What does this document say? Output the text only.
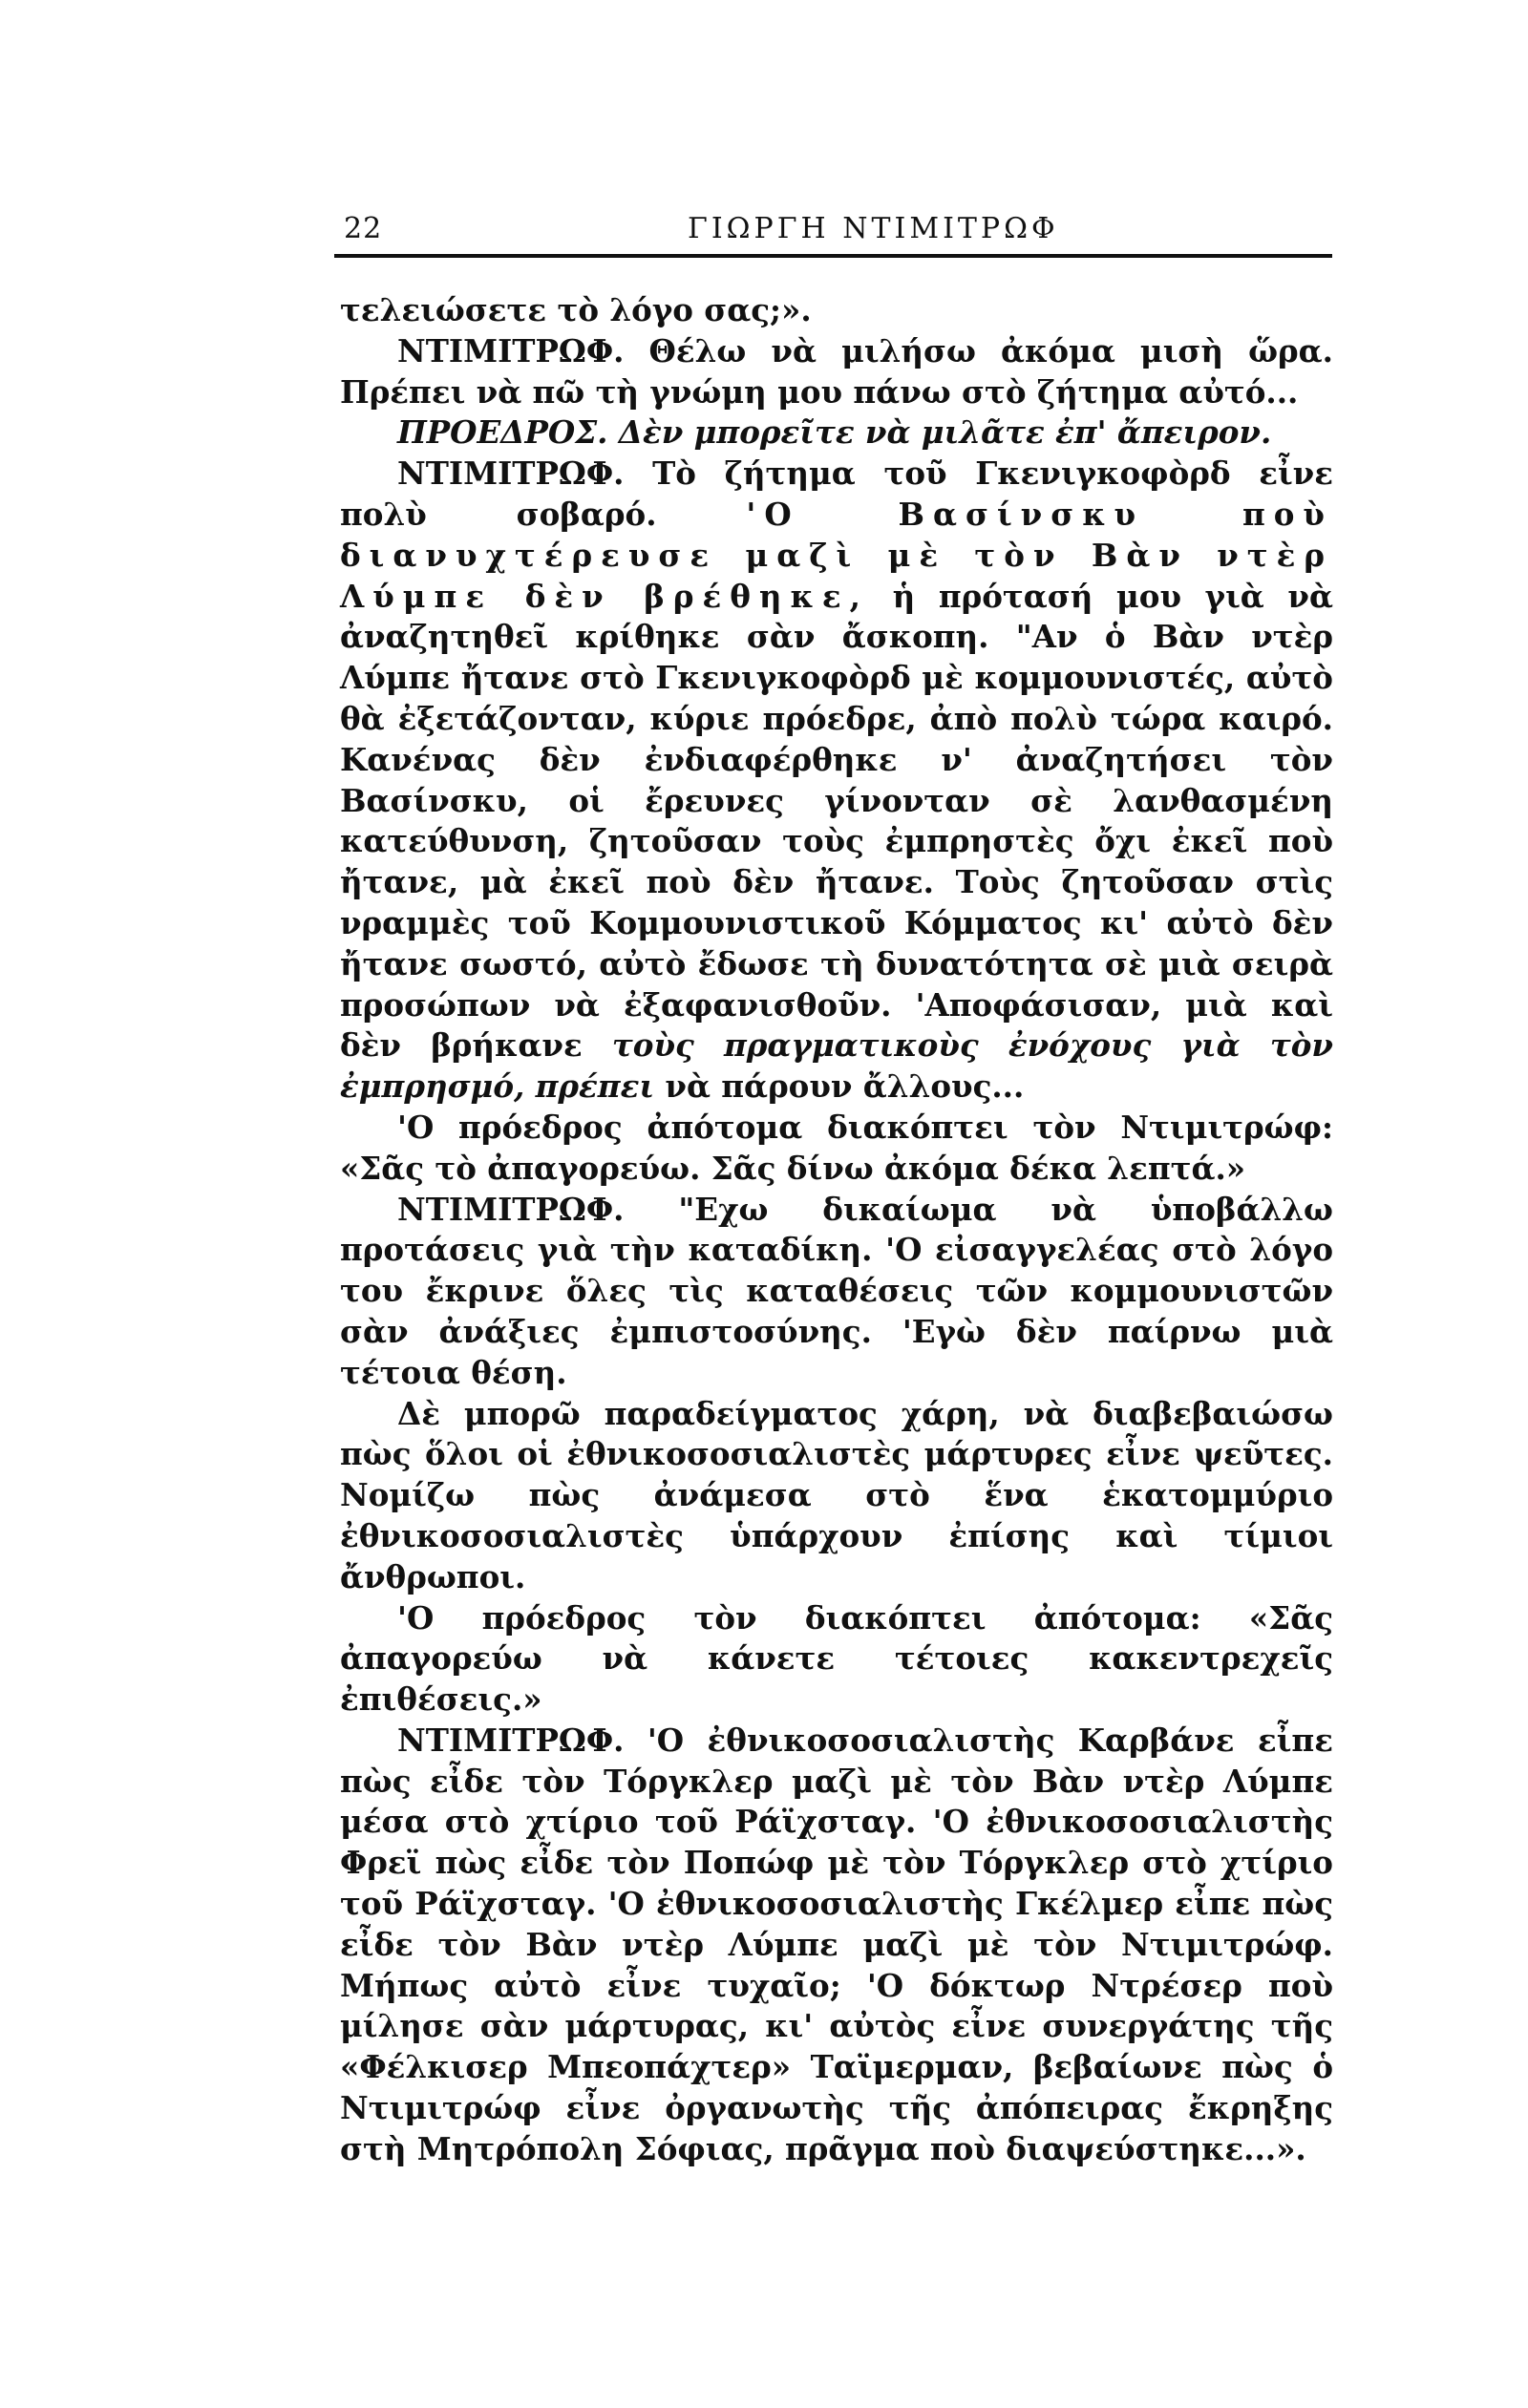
22	ΓΙΩΡΓΗ ΝΤΙΜΙΤΡΩΦ

τελειώσετε τὸ λόγο σας;».

ΝΤΙΜΙΤΡΩΦ. Θέλω νὰ μιλήσω ἀκόμα μισὴ ὥρα. Πρέπει νὰ πῶ τὴ γνώμη μου πάνω στὸ ζήτημα αὐτό...

ΠΡΟΕΔΡΟΣ. Δὲν μπορεῖτε νὰ μιλᾶτε ἐπ' ἄπειρον.

ΝΤΙΜΙΤΡΩΦ. Τὸ ζήτημα τοῦ Γκενιγκοφὸρδ εἶνε πολὺ σοβαρό.	'Ο Βασίνσκυ ποὺ διανυχτέρευσε μαζὶ μὲ τὸν Βὰν ντὲρ Λύμπε δὲν βρέθηκε, ἡ πρότασή μου γιὰ νὰ ἀναζητηθεῖ κρίθηκε σὰν ἄσκοπη. "Αν ὁ Βὰν ντὲρ Λύμπε ἤτανε στὸ Γκενιγκοφὸρδ μὲ κομμουνιστές, αὐτὸ θὰ ἐξετάζονταν, κύριε πρόεδρε, ἀπὸ πολὺ τώρα καιρό. Κανένας δὲν ἐνδιαφέρθηκε ν' ἀναζητήσει τὸν Βασίνσκυ, οἱ ἔρευνες γίνονταν σὲ λανθασμένη κατεύθυνση, ζητοῦσαν τοὺς ἐμπρηστὲς ὄχι ἐκεῖ ποὺ ἤτανε, μὰ ἐκεῖ ποὺ δὲν ἤτανε. Τοὺς ζητοῦσαν στὶς νραμμὲς τοῦ Κομμουνιστικοῦ Κόμματος κι' αὐτὸ δὲν ἤτανε σωστό, αὐτὸ ἔδωσε τὴ δυνατότητα σὲ μιὰ σειρὰ προσώπων νὰ ἐξαφανισθοῦν. 'Αποφάσισαν, μιὰ καὶ δὲν βρήκανε τοὺς πραγματικοὺς ἐνόχους γιὰ τὸν ἐμπρησμό, πρέπει νὰ πάρουν ἄλλους...

'Ο πρόεδρος ἀπότομα διακόπτει τὸν Ντιμιτρώφ: «Σᾶς τὸ ἀπαγορεύω. Σᾶς δίνω ἀκόμα δέκα λεπτά.»

ΝΤΙΜΙΤΡΩΦ. "Εχω δικαίωμα νὰ ὑποβάλλω προτάσεις γιὰ τὴν καταδίκη. 'Ο εἰσαγγελέας στὸ λόγο του ἔκρινε ὅλες τὶς καταθέσεις τῶν κομμουνιστῶν σὰν ἀνάξιες ἐμπιστοσύνης. 'Εγὼ δὲν παίρνω μιὰ τέτοια θέση.

Δὲ μπορῶ παραδείγματος χάρη, νὰ διαβεβαιώσω πὼς ὅλοι οἱ ἐθνικοσοσιαλιστὲς μάρτυρες εἶνε ψεῦτες. Νομίζω πὼς ἀνάμεσα στὸ ἕνα ἑκατομμύριο ἐθνικοσοσιαλιστὲς ὑπάρχουν ἐπίσης καὶ τίμιοι ἄνθρωποι.

'Ο πρόεδρος τὸν διακόπτει ἀπότομα: «Σᾶς ἀπαγορεύω νὰ κάνετε τέτοιες κακεντρεχεῖς ἐπιθέσεις.»

ΝΤΙΜΙΤΡΩΦ. 'Ο ἐθνικοσοσιαλιστὴς Καρβάνε εἶπε πὼς εἶδε τὸν Τόργκλερ μαζὶ μὲ τὸν Βὰν ντὲρ Λύμπε μέσα στὸ χτίριο τοῦ Ράϊχσταγ. 'Ο ἐθνικοσοσιαλιστὴς Φρεϊ πὼς εἶδε τὸν Ποπώφ μὲ τὸν Τόργκλερ στὸ χτίριο τοῦ Ράϊχσταγ. 'Ο ἐθνικοσοσιαλιστὴς Γκέλμερ εἶπε πὼς εἶδε τὸν Βὰν ντὲρ Λύμπε μαζὶ μὲ τὸν Ντιμιτρώφ. Μήπως αὐτὸ εἶνε τυχαῖο; 'Ο δόκτωρ Ντρέσερ ποὺ μίλησε σὰν μάρτυρας, κι' αὐτὸς εἶνε συνεργάτης τῆς «Φέλκισερ Μπεοπάχτερ» Ταϊμερμαν, βεβαίωνε πὼς ὁ Ντιμιτρώφ εἶνε ὀργανωτὴς τῆς ἀπόπειρας ἔκρηξης στὴ Μητρόπολη Σόφιας, πρᾶγμα ποὺ διαψεύστηκε...».
